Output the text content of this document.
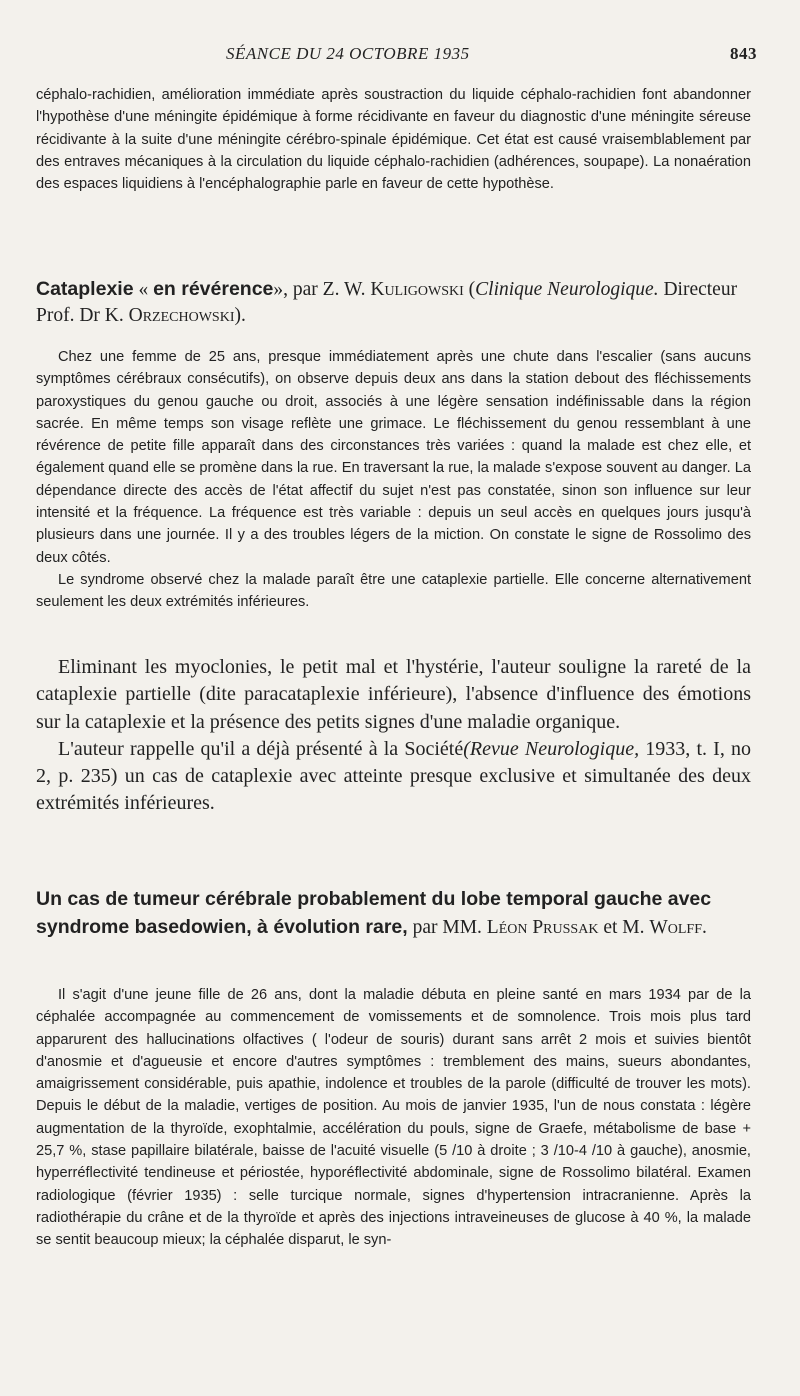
SÉANCE DU 24 OCTOBRE 1935	843

céphalo-rachidien, amélioration immédiate après soustraction du liquide céphalo-rachidien font abandonner l'hypothèse d'une méningite épidémique à forme récidivante en faveur du diagnostic d'une méningite séreuse récidivante à la suite d'une méningite cérébro-spinale épidémique. Cet état est causé vraisemblablement par des entraves mécaniques à la circulation du liquide céphalo-rachidien (adhérences, soupape). La nonaération des espaces liquidiens à l'encéphalographie parle en faveur de cette hypothèse.

Cataplexie « en révérence», par Z. W. Kuligowski (Clinique Neurologique. Directeur Prof. Dr K. Orzechowski).

Chez une femme de 25 ans, presque immédiatement après une chute dans l'escalier (sans aucuns symptômes cérébraux consécutifs), on observe depuis deux ans dans la station debout des fléchissements paroxystiques du genou gauche ou droit, associés à une légère sensation indéfinissable dans la région sacrée. En même temps son visage reflète une grimace. Le fléchissement du genou ressemblant à une révérence de petite fille apparaît dans des circonstances très variées : quand la malade est chez elle, et également quand elle se promène dans la rue. En traversant la rue, la malade s'expose souvent au danger. La dépendance directe des accès de l'état affectif du sujet n'est pas constatée, sinon son influence sur leur intensité et la fréquence. La fréquence est très variable : depuis un seul accès en quelques jours jusqu'à plusieurs dans une journée. Il y a des troubles légers de la miction. On constate le signe de Rossolimo des deux côtés.

Le syndrome observé chez la malade paraît être une cataplexie partielle. Elle concerne alternativement seulement les deux extrémités inférieures.

Eliminant les myoclonies, le petit mal et l'hystérie, l'auteur souligne la rareté de la cataplexie partielle (dite paracataplexie inférieure), l'absence d'influence des émotions sur la cataplexie et la présence des petits signes d'une maladie organique.

L'auteur rappelle qu'il a déjà présenté à la Société(Revue Neurologique, 1933, t. I, no 2, p. 235) un cas de cataplexie avec atteinte presque exclusive et simultanée des deux extrémités inférieures.

Un cas de tumeur cérébrale probablement du lobe temporal gauche avec syndrome basedowien, à évolution rare, par MM. Léon Prussak et M. Wolff.

Il s'agit d'une jeune fille de 26 ans, dont la maladie débuta en pleine santé en mars 1934 par de la céphalée accompagnée au commencement de vomissements et de somnolence. Trois mois plus tard apparurent des hallucinations olfactives ( l'odeur de souris) durant sans arrêt 2 mois et suivies bientôt d'anosmie et d'agueusie et encore d'autres symptômes : tremblement des mains, sueurs abondantes, amaigrissement considérable, puis apathie, indolence et troubles de la parole (difficulté de trouver les mots). Depuis le début de la maladie, vertiges de position. Au mois de janvier 1935, l'un de nous constata : légère augmentation de la thyroïde, exophtalmie, accélération du pouls, signe de Graefe, métabolisme de base + 25,7 %, stase papillaire bilatérale, baisse de l'acuité visuelle (5 /10 à droite ; 3 /10-4 /10 à gauche), anosmie, hyperréflectivité tendineuse et périostée, hyporéflectivité abdominale, signe de Rossolimo bilatéral. Examen radiologique (février 1935) : selle turcique normale, signes d'hypertension intracranienne. Après la radiothérapie du crâne et de la thyroïde et après des injections intraveineuses de glucose à 40 %, la malade se sentit beaucoup mieux; la céphalée disparut, le syn-
